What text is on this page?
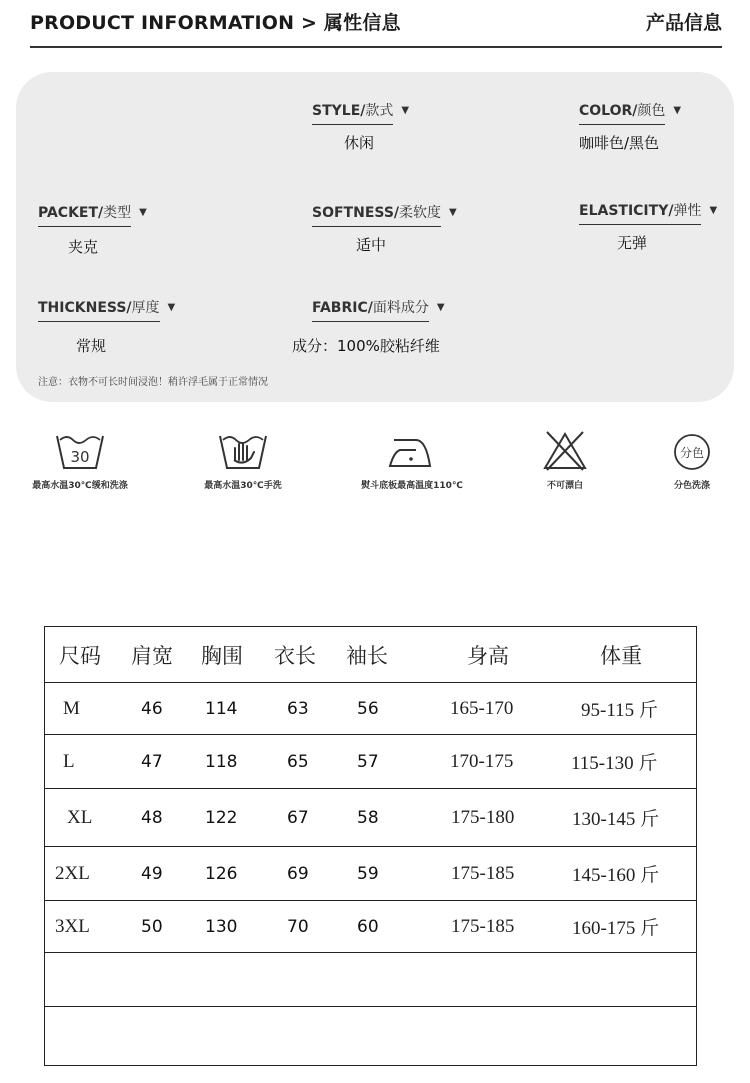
PRODUCT INFORMATION > 属性信息	产品信息
STYLE/款式 ▼
休闲
COLOR/颜色 ▼
咖啡色/黑色
PACKET/类型 ▼
夹克
SOFTNESS/柔软度 ▼
适中
ELASTICITY/弹性 ▼
无弹
THICKNESS/厚度 ▼
常规
FABRIC/面料成分 ▼
成分：100%胶粘纤维
注意：衣物不可长时间浸泡！稍许浮毛属于正常情况
30
最高水温30℃缓和洗涤	最高水温30℃手洗	熨斗底板最高温度110℃	不可漂白
分色
分色洗涤
尺码 肩宽 胸围 衣长 袖长	身高	体重
M	46 114	63	56	165-170	95-115 斤
L	47 118	65	57	170-175	115-130 斤
XL	48 122	67	58	175-180	130-145 斤
2XL	49 126	69	59	175-185	145-160 斤
3XL	50 130	70	60	175-185	160-175 斤
